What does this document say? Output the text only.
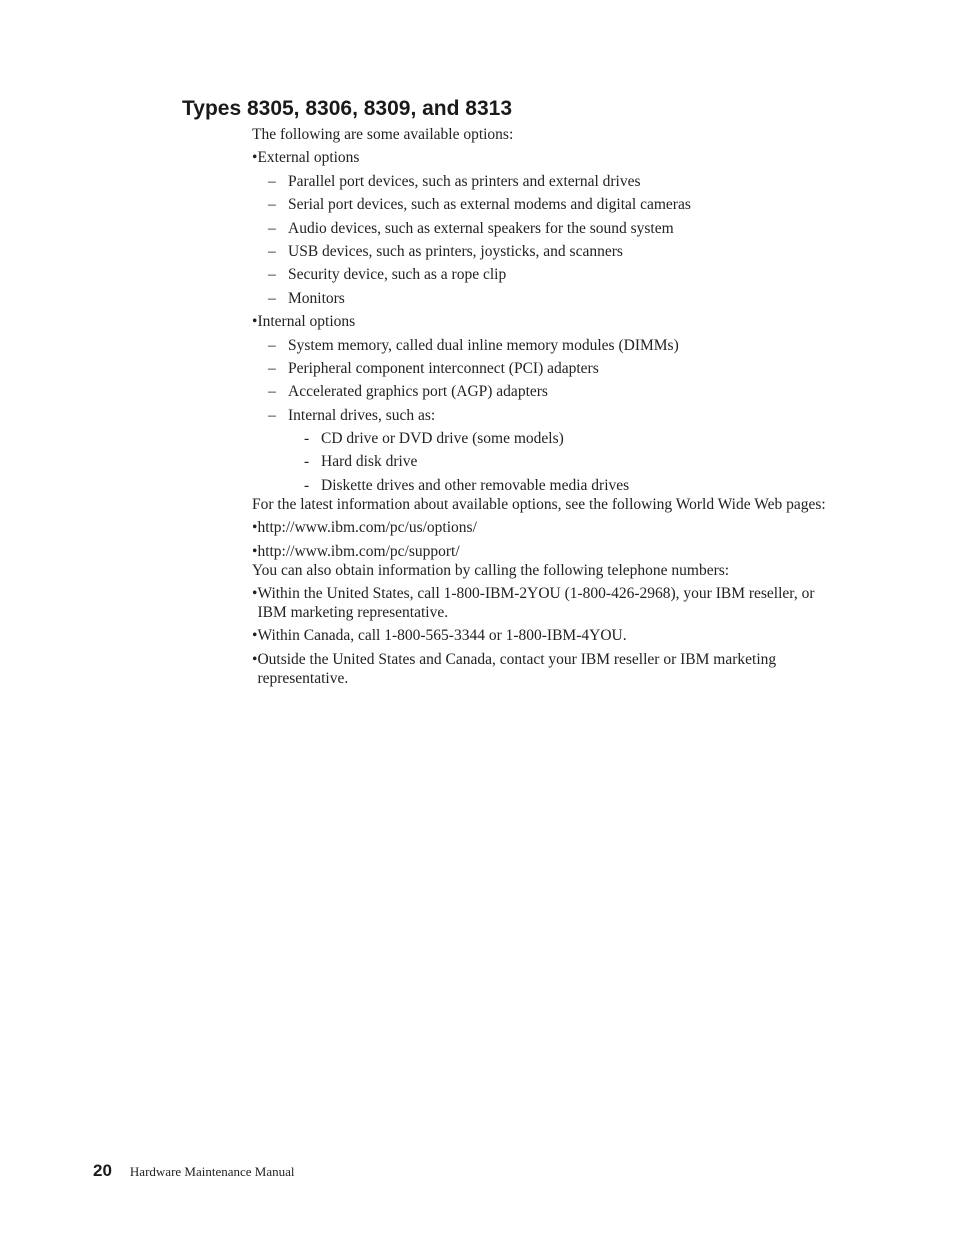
Types 8305, 8306, 8309, and 8313

The following are some available options:

• External options
– Parallel port devices, such as printers and external drives
– Serial port devices, such as external modems and digital cameras
– Audio devices, such as external speakers for the sound system
– USB devices, such as printers, joysticks, and scanners
– Security device, such as a rope clip
– Monitors
• Internal options
– System memory, called dual inline memory modules (DIMMs)
– Peripheral component interconnect (PCI) adapters
– Accelerated graphics port (AGP) adapters
– Internal drives, such as:
- CD drive or DVD drive (some models)
- Hard disk drive
- Diskette drives and other removable media drives

For the latest information about available options, see the following World Wide Web pages:

• http://www.ibm.com/pc/us/options/
• http://www.ibm.com/pc/support/

You can also obtain information by calling the following telephone numbers:

• Within the United States, call 1-800-IBM-2YOU (1-800-426-2968), your IBM reseller, or IBM marketing representative.
• Within Canada, call 1-800-565-3344 or 1-800-IBM-4YOU.
• Outside the United States and Canada, contact your IBM reseller or IBM marketing representative.
20 Hardware Maintenance Manual
